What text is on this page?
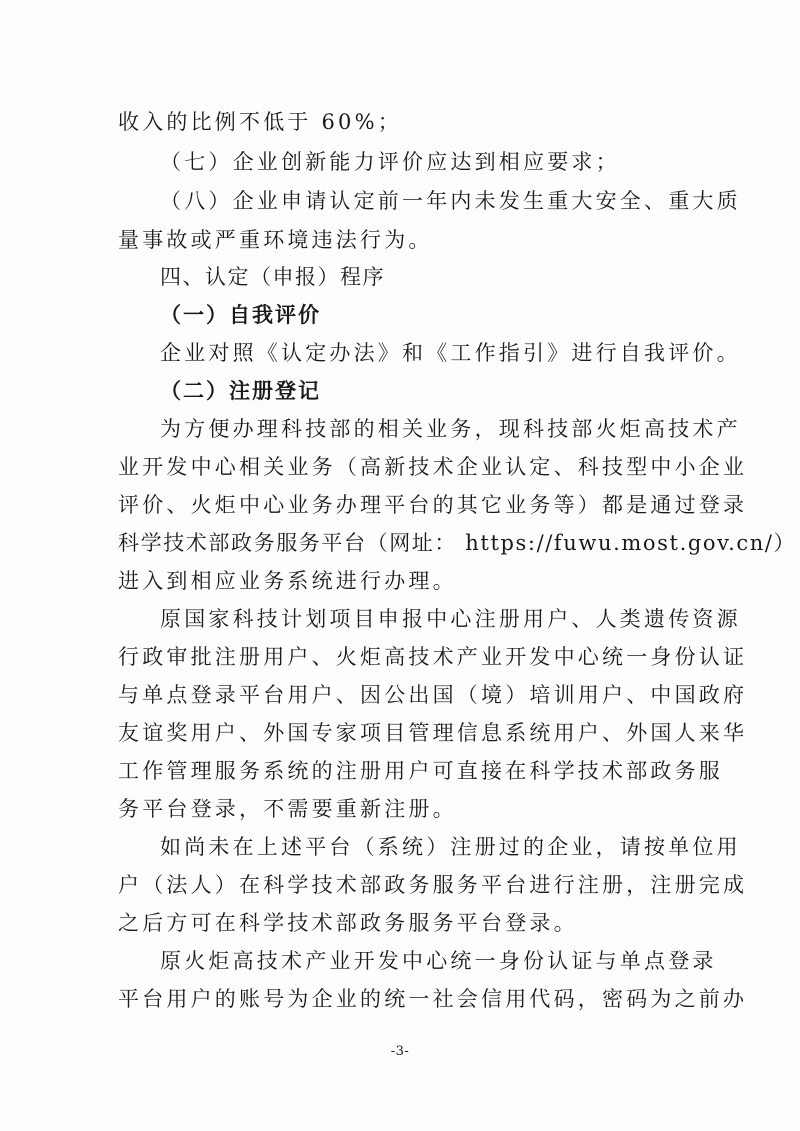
收入的比例不低于 60%；
（七）企业创新能力评价应达到相应要求；
（八）企业申请认定前一年内未发生重大安全、重大质
量事故或严重环境违法行为。
四、认定（申报）程序
（一）自我评价
企业对照《认定办法》和《工作指引》进行自我评价。
（二）注册登记
为方便办理科技部的相关业务，现科技部火炬高技术产
业开发中心相关业务（高新技术企业认定、科技型中小企业
评价、火炬中心业务办理平台的其它业务等）都是通过登录
科学技术部政务服务平台（网址： https://fuwu.most.gov.cn/）
进入到相应业务系统进行办理。
原国家科技计划项目申报中心注册用户、人类遗传资源
行政审批注册用户、火炬高技术产业开发中心统一身份认证
与单点登录平台用户、因公出国（境）培训用户、中国政府
友谊奖用户、外国专家项目管理信息系统用户、外国人来华
工作管理服务系统的注册用户可直接在科学技术部政务服
务平台登录，不需要重新注册。
如尚未在上述平台（系统）注册过的企业，请按单位用
户（法人）在科学技术部政务服务平台进行注册，注册完成
之后方可在科学技术部政务服务平台登录。
原火炬高技术产业开发中心统一身份认证与单点登录
平台用户的账号为企业的统一社会信用代码，密码为之前办
-3-
